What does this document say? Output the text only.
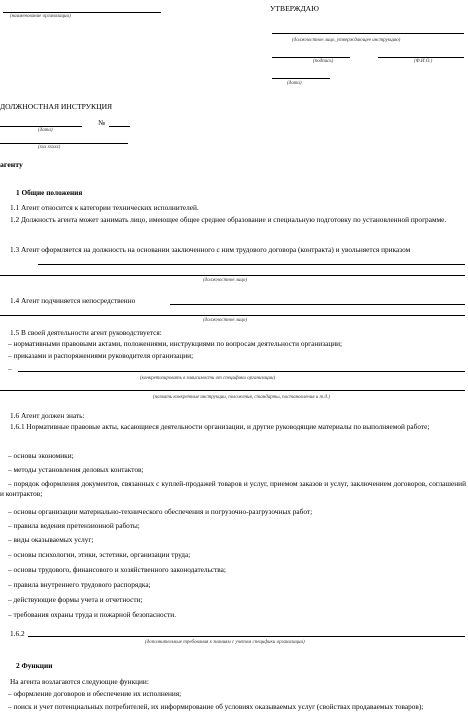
(наименование организации)
УТВЕРЖДАЮ
(должностное лицо, утверждающее инструкцию)
(подпись)	(Ф.И.О.)
(дата)
ДОЛЖНОСТНАЯ ИНСТРУКЦИЯ
№
(дата)
(ххх ххххх)
агенту
1 Общие положения
1.1 Агент относится к категории технических исполнителей.
1.2 Должность агента может занимать лицо, имеющее общее среднее образование и специальную подготовку по установленной программе.
1.3 Агент оформляется на должность на основании заключенного с ним трудового договора (контракта) и увольняется приказом
(должностное лицо)
1.4 Агент подчиняется непосредственно
(должностное лицо)
1.5 В своей деятельности агент руководствуется:
– нормативными правовыми актами, положениями, инструкциями по вопросам деятельности организации;
– приказами и распоряжениями руководителя организации;
–
(конкретизировать в зависимости от специфики организации)
(назвать конкретные инструкции, положения, стандарты, постановления и т.д.)
1.6 Агент должен знать:
1.6.1 Нормативные правовые акты, касающиеся деятельности организации, и другие руководящие материалы по выполняемой работе;
– основы экономики;
– методы установления деловых контактов;
– порядок оформления документов, связанных с куплей-продажей товаров и услуг, приемом заказов и услуг, заключением договоров, соглашений и контрактов;
– основы организации материально-технического обеспечения и погрузочно-разгрузочных работ;
– правила ведения претензионной работы;
– виды оказываемых услуг;
– основы психологии, этики, эстетики, организации труда;
– основы трудового, финансового и хозяйственного законодательства;
– правила внутреннего трудового распорядка;
– действующие формы учета и отчетности;
– требования охраны труда и пожарной безопасности.
1.6.2
(дополнительные требования к знаниям с учетом специфики организации)
2 Функции
На агента возлагаются следующие функции:
– оформление договоров и обеспечение их исполнения;
– поиск и учет потенциальных потребителей, их информирование об условиях оказываемых услуг (свойствах продаваемых товаров);
